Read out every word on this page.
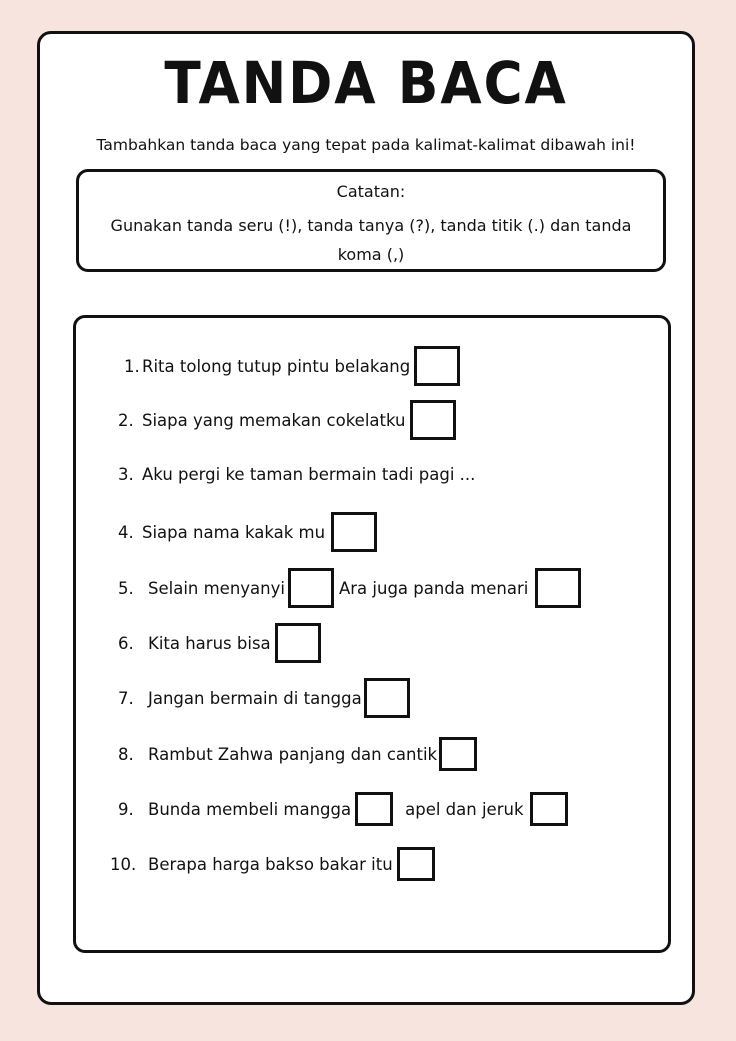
TANDA BACA
Tambahkan tanda baca yang tepat pada kalimat-kalimat dibawah ini!
Catatan:
Gunakan tanda seru (!), tanda tanya (?), tanda titik (.) dan tanda koma (,)
1. Rita tolong tutup pintu belakang
2. Siapa yang memakan cokelatku
3. Aku pergi ke taman bermain tadi pagi ...
4. Siapa nama kakak mu
5. Selain menyanyi	Ara juga panda menari
6. Kita harus bisa
7. Jangan bermain di tangga
8. Rambut Zahwa panjang dan cantik
9. Bunda membeli mangga	apel dan jeruk
10. Berapa harga bakso bakar itu
